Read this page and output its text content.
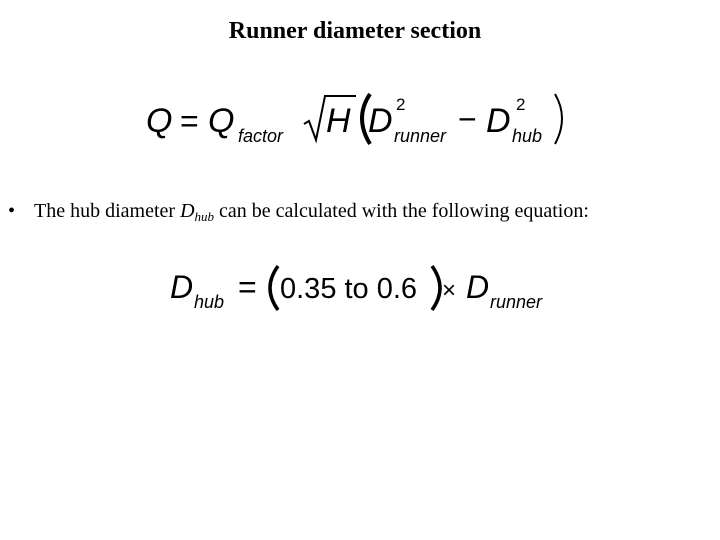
Runner diameter section
Q = Q factor H D 2
runner − D 2
hub
• The hub diameter $D_{hub}$ can be calculated with the following equation:
D hub = 0.35 to 0.6 × D runner
